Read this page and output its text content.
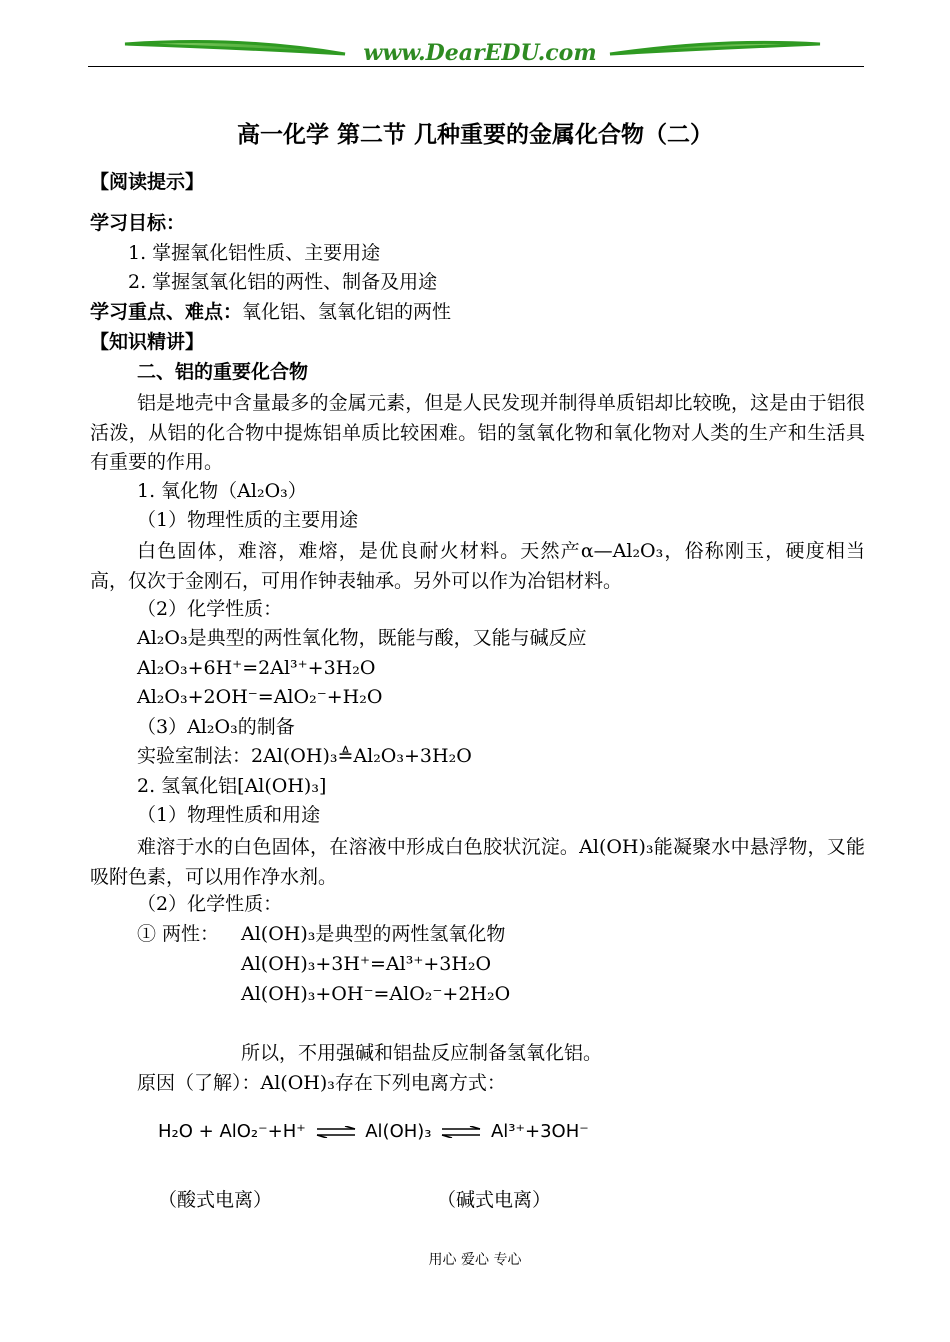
www.DearEDU.com
高一化学 第二节 几种重要的金属化合物（二）
【阅读提示】
学习目标：
1. 掌握氧化铝性质、主要用途
2. 掌握氢氧化铝的两性、制备及用途
学习重点、难点：氧化铝、氢氧化铝的两性
【知识精讲】
二、铝的重要化合物
铝是地壳中含量最多的金属元素，但是人民发现并制得单质铝却比较晚，这是由于铝很活泼，从铝的化合物中提炼铝单质比较困难。铝的氢氧化物和氧化物对人类的生产和生活具有重要的作用。
1. 氧化物（Al₂O₃）
（1）物理性质的主要用途
白色固体，难溶，难熔，是优良耐火材料。天然产α—Al₂O₃，俗称刚玉，硬度相当高，仅次于金刚石，可用作钟表轴承。另外可以作为冶铝材料。
（2）化学性质：
Al₂O₃是典型的两性氧化物，既能与酸，又能与碱反应
Al₂O₃+6H⁺=2Al³⁺+3H₂O
Al₂O₃+2OH⁻=AlO₂⁻+H₂O
（3）Al₂O₃的制备
实验室制法：2Al(OH)₃≜Al₂O₃+3H₂O
2. 氢氧化铝[Al(OH)₃]
（1）物理性质和用途
难溶于水的白色固体，在溶液中形成白色胶状沉淀。Al(OH)₃能凝聚水中悬浮物，又能吸附色素，可以用作净水剂。
（2）化学性质：
① 两性： Al(OH)₃是典型的两性氢氧化物
Al(OH)₃+3H⁺=Al³⁺+3H₂O
Al(OH)₃+OH⁻=AlO₂⁻+2H₂O
所以，不用强碱和铝盐反应制备氢氧化铝。
原因（了解）：Al(OH)₃存在下列电离方式：
H₂O + AlO₂⁻+H⁺ ⇌ Al(OH)₃ ⇌ Al³⁺+3OH⁻
（酸式电离）	（碱式电离）
用心 爱心 专心
